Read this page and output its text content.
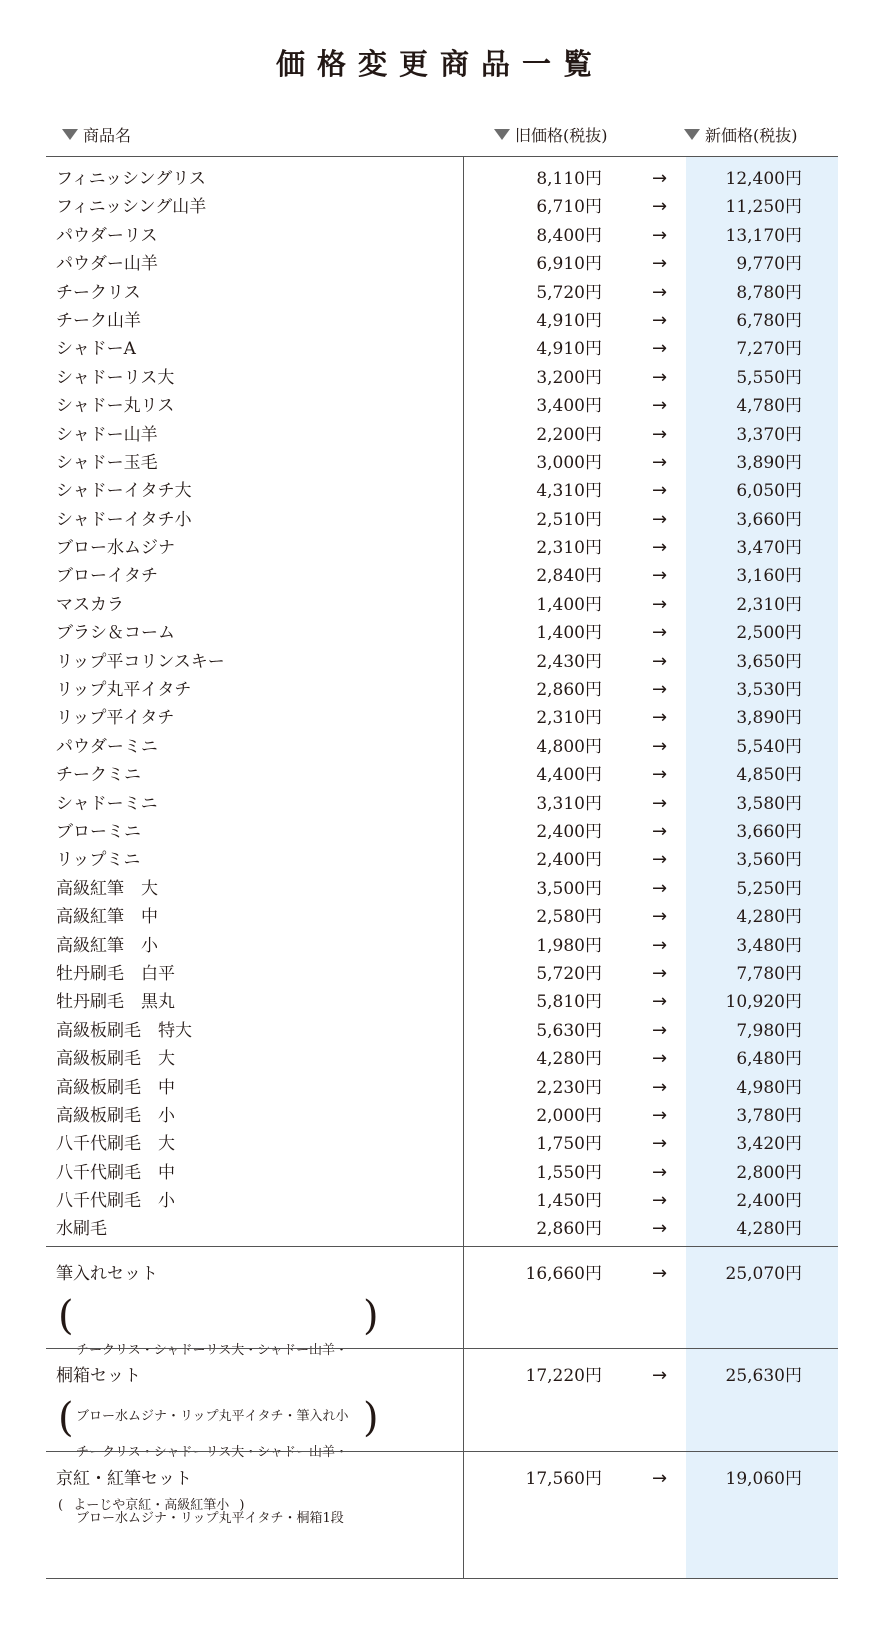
価格変更商品一覧
商品名	旧価格(税抜)	新価格(税抜)
フィニッシングリス	8,110円	→	12,400円
フィニッシング山羊	6,710円	→	11,250円
パウダーリス	8,400円	→	13,170円
パウダー山羊	6,910円	→	9,770円
チークリス	5,720円	→	8,780円
チーク山羊	4,910円	→	6,780円
シャドーA	4,910円	→	7,270円
シャドーリス大	3,200円	→	5,550円
シャドー丸リス	3,400円	→	4,780円
シャドー山羊	2,200円	→	3,370円
シャドー玉毛	3,000円	→	3,890円
シャドーイタチ大	4,310円	→	6,050円
シャドーイタチ小	2,510円	→	3,660円
ブロー水ムジナ	2,310円	→	3,470円
ブローイタチ	2,840円	→	3,160円
マスカラ	1,400円	→	2,310円
ブラシ＆コーム	1,400円	→	2,500円
リップ平コリンスキー	2,430円	→	3,650円
リップ丸平イタチ	2,860円	→	3,530円
リップ平イタチ	2,310円	→	3,890円
パウダーミニ	4,800円	→	5,540円
チークミニ	4,400円	→	4,850円
シャドーミニ	3,310円	→	3,580円
ブローミニ	2,400円	→	3,660円
リップミニ	2,400円	→	3,560円
高級紅筆　大	3,500円	→	5,250円
高級紅筆　中	2,580円	→	4,280円
高級紅筆　小	1,980円	→	3,480円
牡丹刷毛　白平	5,720円	→	7,780円
牡丹刷毛　黒丸	5,810円	→	10,920円
高級板刷毛　特大	5,630円	→	7,980円
高級板刷毛　大	4,280円	→	6,480円
高級板刷毛　中	2,230円	→	4,980円
高級板刷毛　小	2,000円	→	3,780円
八千代刷毛　大	1,750円	→	3,420円
八千代刷毛　中	1,550円	→	2,800円
八千代刷毛　小	1,450円	→	2,400円
水刷毛	2,860円	→	4,280円
筆入れセット	16,660円	→	25,070円
(

チークリス・シャドーリス大・シャドー山羊・

ブロー水ムジナ・リップ丸平イタチ・筆入れ小

)
桐箱セット	17,220円	→	25,630円
(

チークリス・シャドーリス大・シャドー山羊・

ブロー水ムジナ・リップ丸平イタチ・桐箱1段

)
京紅・紅筆セット	17,560円	→	19,060円
( よーじや京紅・高級紅筆小 )
